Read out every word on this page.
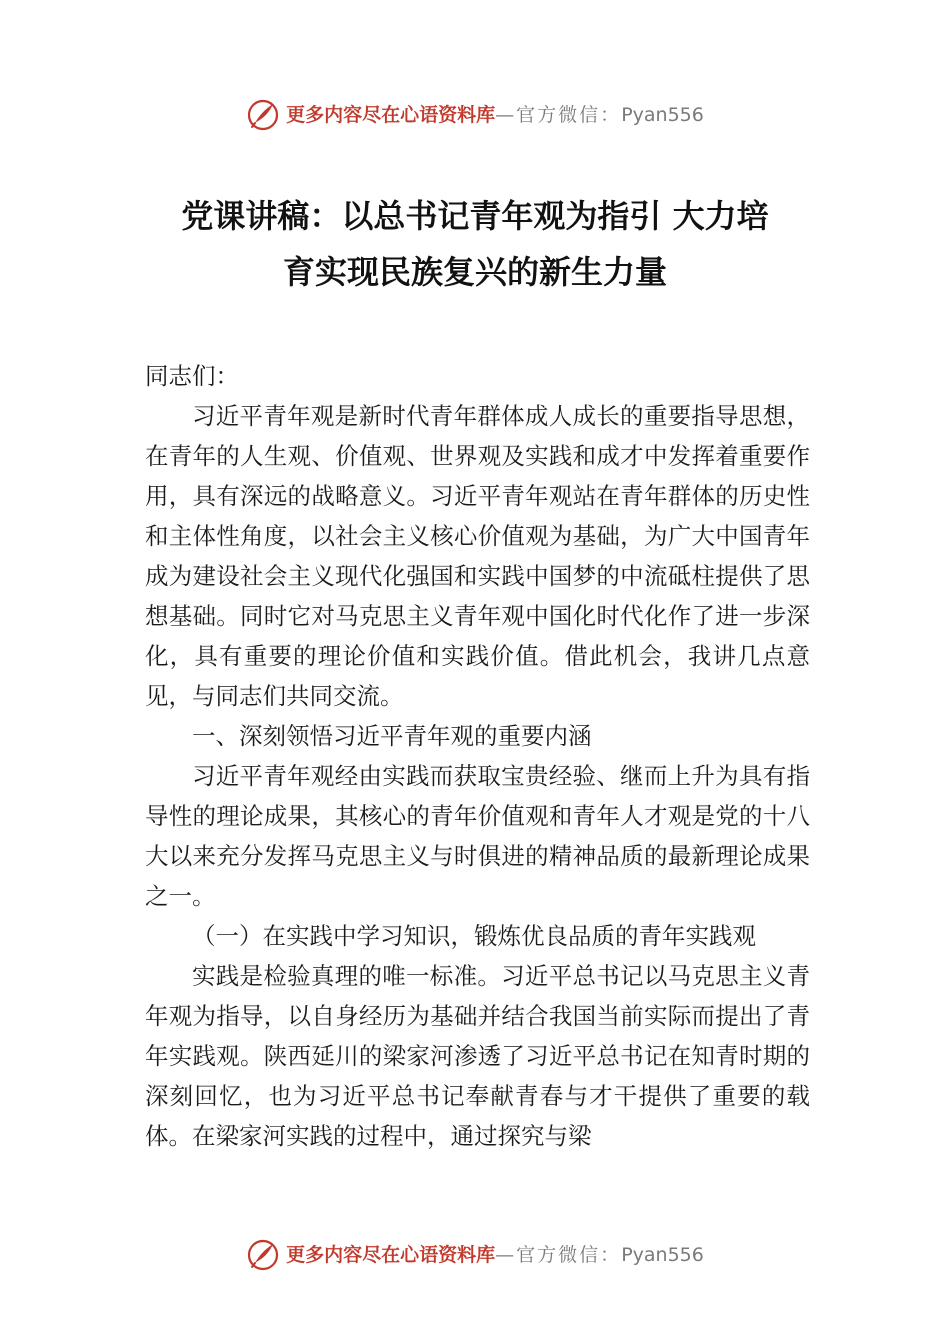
更多内容尽在心语资料库 —官方微信： Pyan556
党课讲稿：以总书记青年观为指引 大力培
育实现民族复兴的新生力量

同志们：

习近平青年观是新时代青年群体成人成长的重要指导思想，在青年的人生观、价值观、世界观及实践和成才中发挥着重要作用，具有深远的战略意义。习近平青年观站在青年群体的历史性和主体性角度，以社会主义核心价值观为基础，为广大中国青年成为建设社会主义现代化强国和实践中国梦的中流砥柱提供了思想基础。同时它对马克思主义青年观中国化时代化作了进一步深化，具有重要的理论价值和实践价值。借此机会，我讲几点意见，与同志们共同交流。

一、深刻领悟习近平青年观的重要内涵

习近平青年观经由实践而获取宝贵经验、继而上升为具有指导性的理论成果，其核心的青年价值观和青年人才观是党的十八大以来充分发挥马克思主义与时俱进的精神品质的最新理论成果之一。

（一）在实践中学习知识，锻炼优良品质的青年实践观

实践是检验真理的唯一标准。习近平总书记以马克思主义青年观为指导，以自身经历为基础并结合我国当前实际而提出了青年实践观。陕西延川的梁家河渗透了习近平总书记在知青时期的深刻回忆，也为习近平总书记奉献青春与才干提供了重要的载体。在梁家河实践的过程中，通过探究与梁

更多内容尽在心语资料库 —官方微信： Pyan556
